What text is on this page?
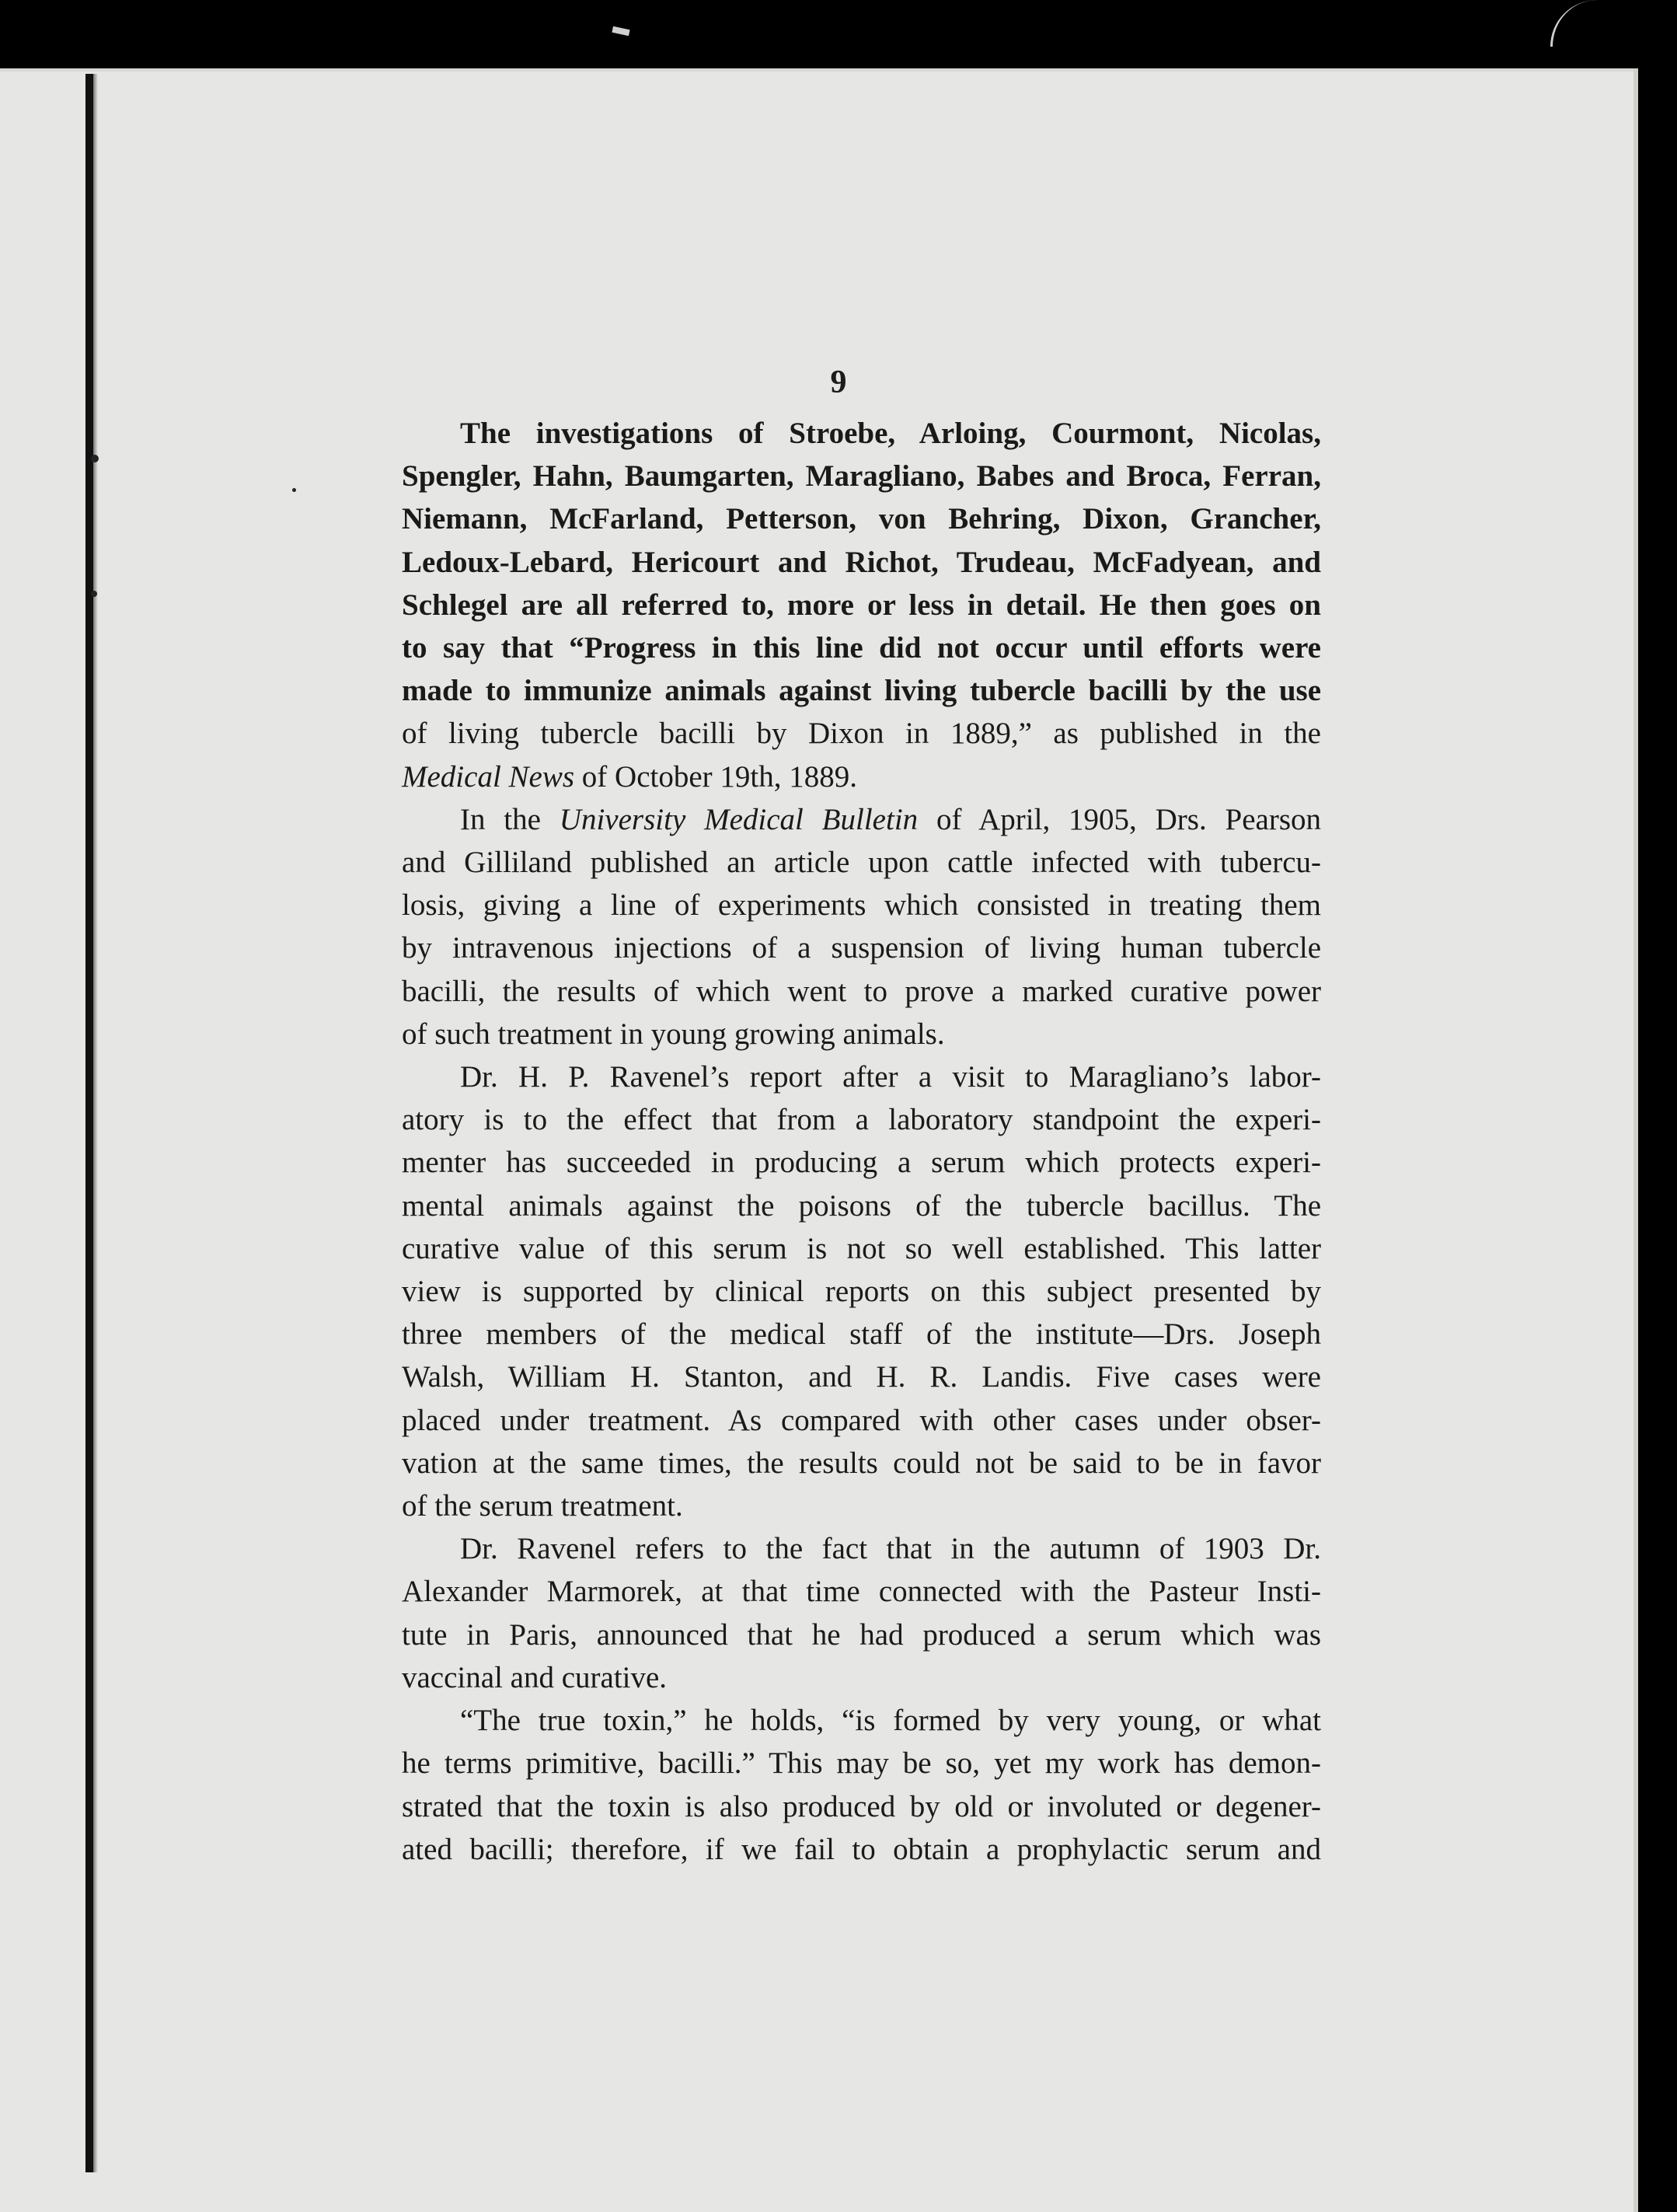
9

The investigations of Stroebe, Arloing, Courmont, Nicolas,
Spengler, Hahn, Baumgarten, Maragliano, Babes and Broca, Ferran,
Niemann, McFarland, Petterson, von Behring, Dixon, Grancher,
Ledoux-Lebard, Hericourt and Richot, Trudeau, McFadyean, and
Schlegel are all referred to, more or less in detail. He then goes on
to say that “Progress in this line did not occur until efforts were
made to immunize animals against living tubercle bacilli by the use
of living tubercle bacilli by Dixon in 1889,” as published in the
Medical News of October 19th, 1889.

In the University Medical Bulletin of April, 1905, Drs. Pearson
and Gilliland published an article upon cattle infected with tubercu-
losis, giving a line of experiments which consisted in treating them
by intravenous injections of a suspension of living human tubercle
bacilli, the results of which went to prove a marked curative power
of such treatment in young growing animals.

Dr. H. P. Ravenel’s report after a visit to Maragliano’s labor-
atory is to the effect that from a laboratory standpoint the experi-
menter has succeeded in producing a serum which protects experi-
mental animals against the poisons of the tubercle bacillus. The
curative value of this serum is not so well established. This latter
view is supported by clinical reports on this subject presented by
three members of the medical staff of the institute—Drs. Joseph
Walsh, William H. Stanton, and H. R. Landis. Five cases were
placed under treatment. As compared with other cases under obser-
vation at the same times, the results could not be said to be in favor
of the serum treatment.

Dr. Ravenel refers to the fact that in the autumn of 1903 Dr.
Alexander Marmorek, at that time connected with the Pasteur Insti-
tute in Paris, announced that he had produced a serum which was
vaccinal and curative.

“The true toxin,” he holds, “is formed by very young, or what
he terms primitive, bacilli.” This may be so, yet my work has demon-
strated that the toxin is also produced by old or involuted or degener-
ated bacilli; therefore, if we fail to obtain a prophylactic serum and
